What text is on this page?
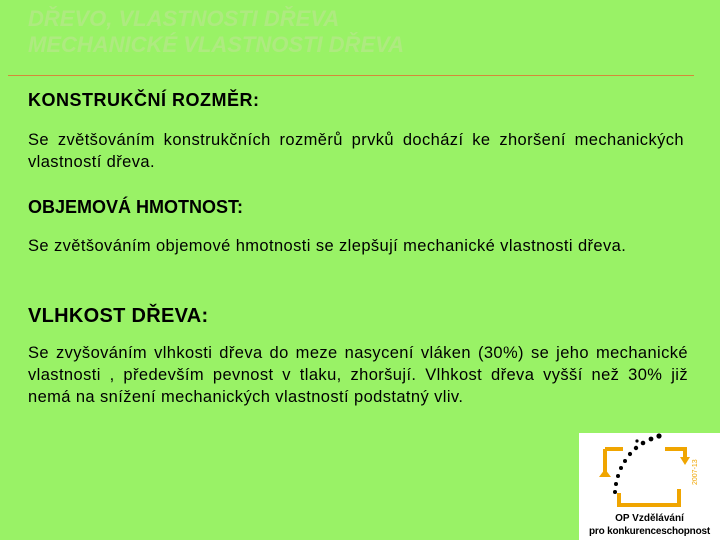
DŘEVO, VLASTNOSTI DŘEVA
MECHANICKÉ VLASTNOSTI DŘEVA
KONSTRUKČNÍ ROZMĚR:
Se zvětšováním konstrukčních rozměrů prvků dochází ke zhoršení mechanických vlastností dřeva.
OBJEMOVÁ HMOTNOST:
Se zvětšováním objemové hmotnosti se zlepšují mechanické vlastnosti dřeva.
VLHKOST DŘEVA:
Se zvyšováním vlhkosti dřeva do meze nasycení vláken (30%) se jeho mechanické vlastnosti , především pevnost v tlaku, zhoršují. Vlhkost dřeva vyšší než 30% již nemá na snížení mechanických vlastností podstatný vliv.
2007-13
OP Vzdělávání
pro konkurenceschopnost
